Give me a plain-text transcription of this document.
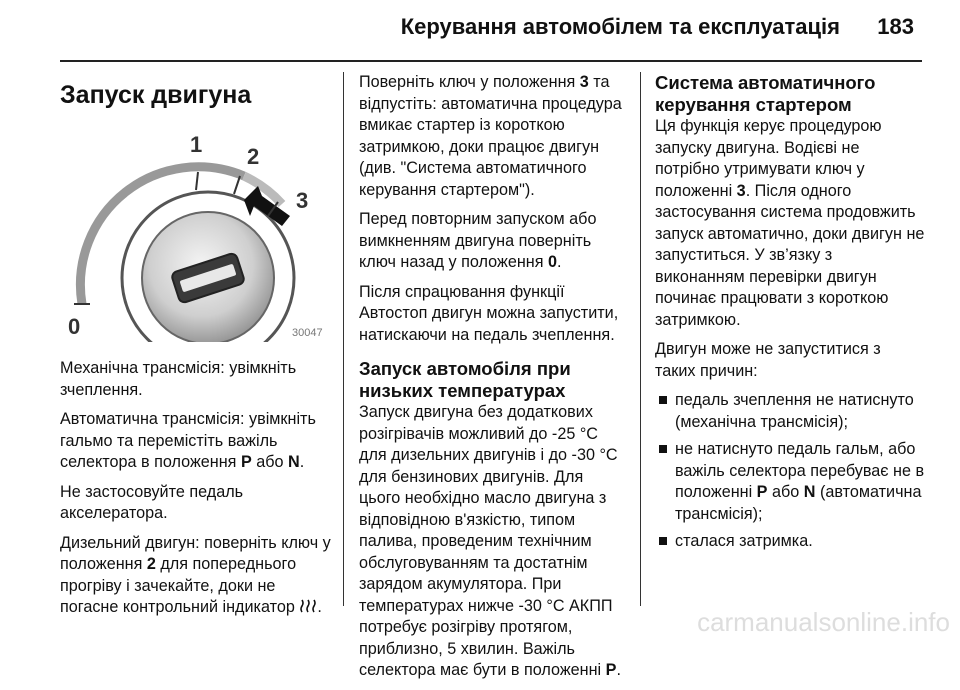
Керування автомобілем та експлуатація 183
Запуск двигуна
1 2
3
0	30047

Механічна трансмісія: увімкніть зчеплення.

Автоматична трансмісія: увімкніть гальмо та перемістіть важіль селектора в положення P або N.

Не застосовуйте педаль акселератора.

Дизельний двигун: поверніть ключ у положення 2 для попереднього прогріву і зачекайте, доки не погасне контрольний індикатор .

Поверніть ключ у положення 3 та відпустіть: автоматична процедура вмикає стартер із короткою затримкою, доки працює двигун (див. "Система автоматичного керування стартером").

Перед повторним запуском або вимкненням двигуна поверніть ключ назад у положення 0.

Після спрацювання функції Автостоп двигун можна запустити, натискаючи на педаль зчеплення.

Запуск автомобіля при низьких температурах

Запуск двигуна без додаткових розігрівачів можливий до -25 °C для дизельних двигунів і до -30 °C для бензинових двигунів. Для цього необхідно масло двигуна з відповідною в'язкістю, типом палива, проведеним технічним обслуговуванням та достатнім зарядом акумулятора. При температурах нижче -30 °C АКПП потребує розігріву протягом, приблизно, 5 хвилин. Важіль селектора має бути в положенні P.

Система автоматичного керування стартером

Ця функція керує процедурою запуску двигуна. Водієві не потрібно утримувати ключ у положенні 3. Після одного застосування система продовжить запуск автоматично, доки двигун не запуститься. У зв’язку з виконанням перевірки двигун починає працювати з короткою затримкою.

Двигун може не запуститися з таких причин:

педаль зчеплення не натиснуто (механічна трансмісія);
не натиснуто педаль гальм, або важіль селектора перебуває не в положенні P або N (автоматична трансмісія);
сталася затримка.
carmanualsonline.info
